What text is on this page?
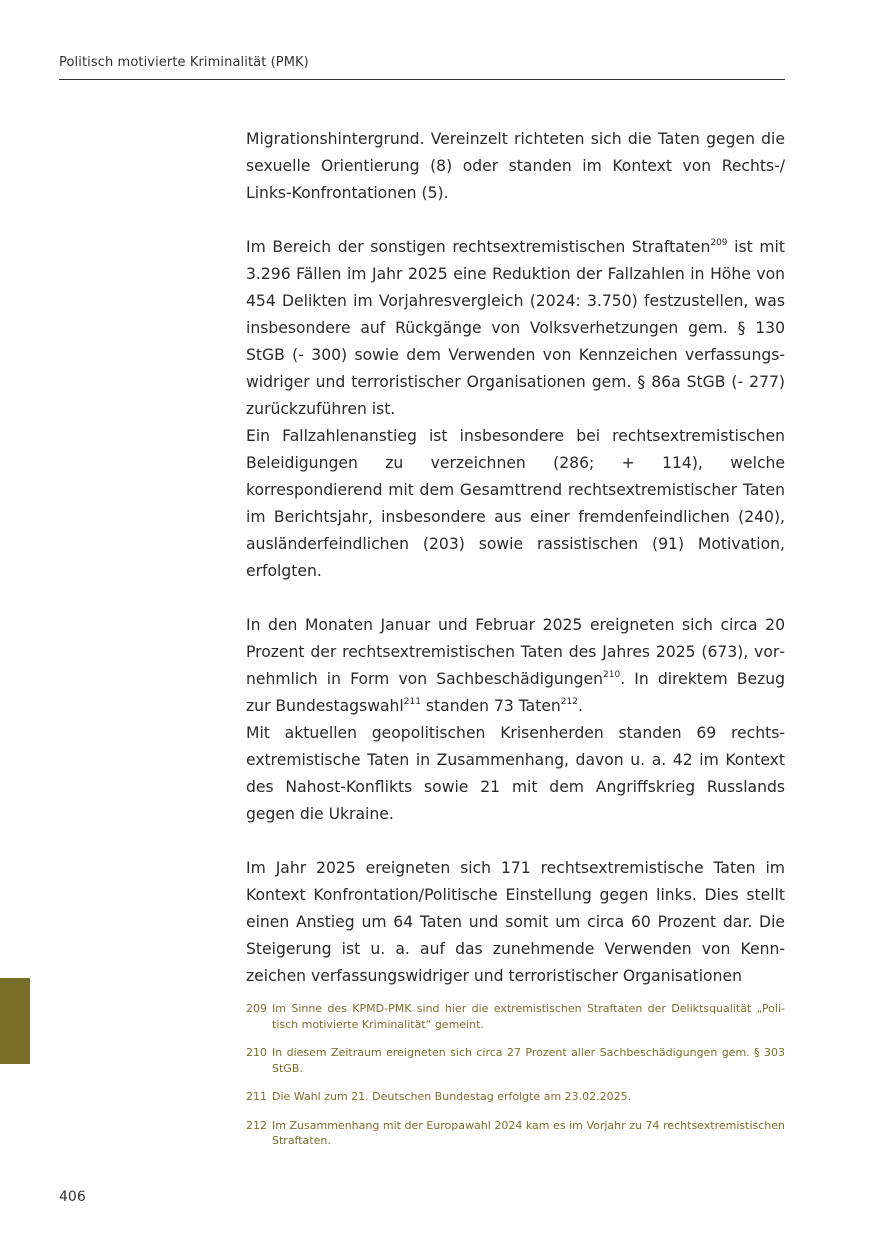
Politisch motivierte Kriminalität (PMK)

Migrationshintergrund. Vereinzelt richteten sich die Taten gegen die sexuelle Orientierung (8) oder standen im Kontext von Rechts-/ Links-Konfrontationen (5).

Im Bereich der sonstigen rechtsextremistischen Straftaten$^{209}$ ist mit 3.296 Fällen im Jahr 2025 eine Reduktion der Fallzahlen in Höhe von 454 Delikten im Vorjahresvergleich (2024: 3.750) festzustellen, was insbesondere auf Rückgänge von Volksverhetzungen gem. § 130 StGB (- 300) sowie dem Verwenden von Kennzeichen verfassungswidriger und terroristischer Organisationen gem. § 86a StGB (- 277) zurückzuführen ist.

Ein Fallzahlenanstieg ist insbesondere bei rechtsextremistischen Beleidigungen zu verzeichnen (286; + 114), welche korrespondierend mit dem Gesamttrend rechtsextremistischer Taten im Berichtsjahr, insbesondere aus einer fremdenfeindlichen (240), ausländerfeindlichen (203) sowie rassistischen (91) Motivation, erfolgten.

In den Monaten Januar und Februar 2025 ereigneten sich circa 20 Prozent der rechtsextremistischen Taten des Jahres 2025 (673), vornehmlich in Form von Sachbeschädigungen$^{210}$. In direktem Bezug zur Bundestagswahl$^{211}$ standen 73 Taten$^{212}$.

Mit aktuellen geopolitischen Krisenherden standen 69 rechtsextremistische Taten in Zusammenhang, davon u. a. 42 im Kontext des Nahost-Konflikts sowie 21 mit dem Angriffskrieg Russlands gegen die Ukraine.

Im Jahr 2025 ereigneten sich 171 rechtsextremistische Taten im Kontext Konfrontation/Politische Einstellung gegen links. Dies stellt einen Anstieg um 64 Taten und somit um circa 60 Prozent dar. Die Steigerung ist u. a. auf das zunehmende Verwenden von Kennzeichen verfassungswidriger und terroristischer Organisationen

209 Im Sinne des KPMD-PMK sind hier die extremistischen Straftaten der Deliktsqualität „Politisch motivierte Kriminalität“ gemeint.
210 In diesem Zeitraum ereigneten sich circa 27 Prozent aller Sachbeschädigungen gem. § 303 StGB.
211 Die Wahl zum 21. Deutschen Bundestag erfolgte am 23.02.2025.
212 Im Zusammenhang mit der Europawahl 2024 kam es im Vorjahr zu 74 rechtsextremistischen Straftaten.
406
